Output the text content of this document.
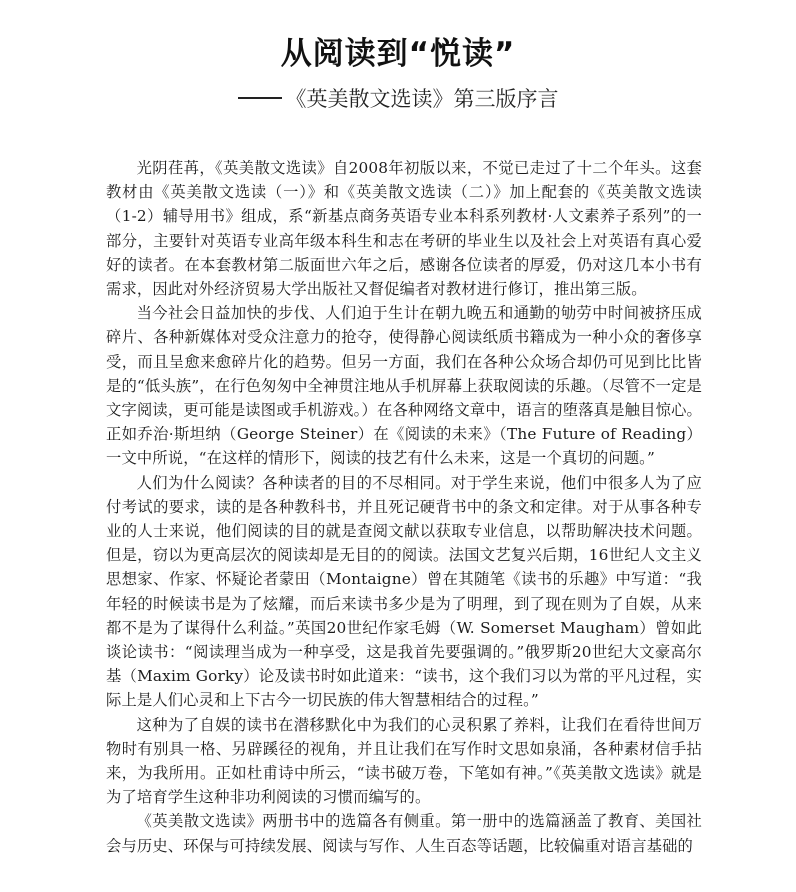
从阅读到“悦读”
《英美散文选读》第三版序言

光阴荏苒，《英美散文选读》自2008年初版以来，不觉已走过了十二个年头。这套教材由《英美散文选读（一）》和《英美散文选读（二）》加上配套的《英美散文选读（1-2）辅导用书》组成，系“新基点商务英语专业本科系列教材·人文素养子系列”的一部分，主要针对英语专业高年级本科生和志在考研的毕业生以及社会上对英语有真心爱好的读者。在本套教材第二版面世六年之后，感谢各位读者的厚爱，仍对这几本小书有需求，因此对外经济贸易大学出版社又督促编者对教材进行修订，推出第三版。

当今社会日益加快的步伐、人们迫于生计在朝九晚五和通勤的劬劳中时间被挤压成碎片、各种新媒体对受众注意力的抢夺，使得静心阅读纸质书籍成为一种小众的奢侈享受，而且呈愈来愈碎片化的趋势。但另一方面，我们在各种公众场合却仍可见到比比皆是的“低头族”，在行色匆匆中全神贯注地从手机屏幕上获取阅读的乐趣。（尽管不一定是文字阅读，更可能是读图或手机游戏。）在各种网络文章中，语言的堕落真是触目惊心。正如乔治·斯坦纳（George Steiner）在《阅读的未来》（The Future of Reading）一文中所说，“在这样的情形下，阅读的技艺有什么未来，这是一个真切的问题。”

人们为什么阅读？各种读者的目的不尽相同。对于学生来说，他们中很多人为了应付考试的要求，读的是各种教科书，并且死记硬背书中的条文和定律。对于从事各种专业的人士来说，他们阅读的目的就是查阅文献以获取专业信息，以帮助解决技术问题。但是，窃以为更高层次的阅读却是无目的的阅读。法国文艺复兴后期，16世纪人文主义思想家、作家、怀疑论者蒙田（Montaigne）曾在其随笔《读书的乐趣》中写道：“我年轻的时候读书是为了炫耀，而后来读书多少是为了明理，到了现在则为了自娱，从来都不是为了谋得什么利益。”英国20世纪作家毛姆（W. Somerset Maugham）曾如此谈论读书：“阅读理当成为一种享受，这是我首先要强调的。”俄罗斯20世纪大文豪高尔基（Maxim Gorky）论及读书时如此道来：“读书，这个我们习以为常的平凡过程，实际上是人们心灵和上下古今一切民族的伟大智慧相结合的过程。”

这种为了自娱的读书在潜移默化中为我们的心灵积累了养料，让我们在看待世间万物时有别具一格、另辟蹊径的视角，并且让我们在写作时文思如泉涌，各种素材信手拈来，为我所用。正如杜甫诗中所云，“读书破万卷，下笔如有神。”《英美散文选读》就是为了培育学生这种非功利阅读的习惯而编写的。

《英美散文选读》两册书中的选篇各有侧重。第一册中的选篇涵盖了教育、美国社会与历史、环保与可持续发展、阅读与写作、人生百态等话题，比较偏重对语言基础的
